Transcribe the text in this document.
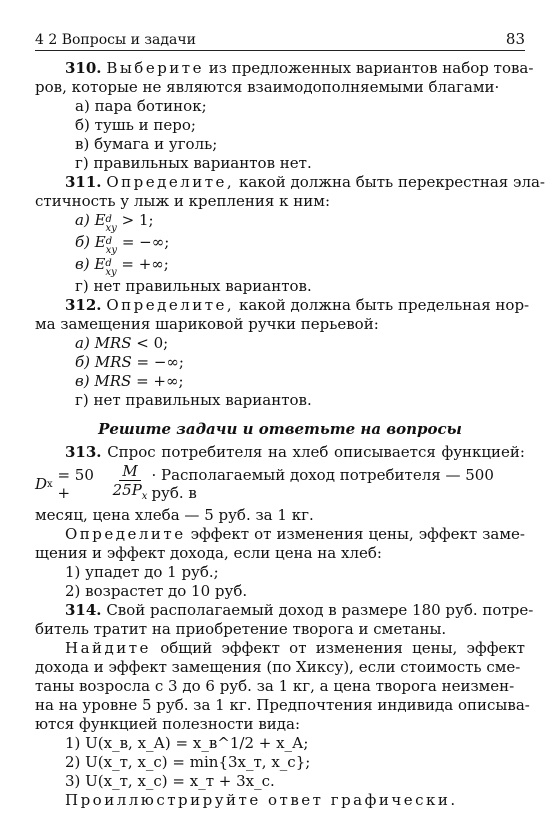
4 2 Вопросы и задачи	83
310. Выберите из предложенных вариантов набор това-
ров, которые не являются взаимодополняемыми благами·
а) пара ботинок;
б) тушь и перо;
в) бумага и уголь;
г) правильных вариантов нет.
311. Определите, какой должна быть перекрестная эла-
стичность у лыж и крепления к ним:
а) Ed
xy > 1;
б) Ed
xy = −∞;
в) Ed
xy = +∞;
г) нет правильных вариантов.
312. Определите, какой должна быть предельная нор-
ма замещения шариковой ручки перьевой:
а) MRS < 0;
б) MRS = −∞;
в) MRS = +∞;
г) нет правильных вариантов.
Решите задачи и ответьте на вопросы
313. Спрос потребителя на хлеб описывается функцией:
D x
= 50 +	$\frac{M}{25P_x}$ · Располагаемый доход потребителя — 500 руб. в
месяц, цена хлеба — 5 руб. за 1 кг.
Определите эффект от изменения цены, эффект заме-
щения и эффект дохода, если цена на хлеб:
1) упадет до 1 руб.;
2) возрастет до 10 руб.
314. Свой располагаемый доход в размере 180 руб. потре-
битель тратит на приобретение творога и сметаны.
Найдите общий эффект от изменения цены, эффект
дохода и эффект замещения (по Хиксу), если стоимость сме-
таны возросла с 3 до 6 руб. за 1 кг, а цена творога неизмен-
на на уровне 5 руб. за 1 кг. Предпочтения индивида описыва-
ются функцией полезности вида:
1) U(x_в, x_А) = x_в^1/2 + x_А;
2) U(x_т, x_с) = min{3x_т, x_с};
3) U(x_т, x_с) = x_т + 3x_с.
Проиллюстрируйте ответ графически.
